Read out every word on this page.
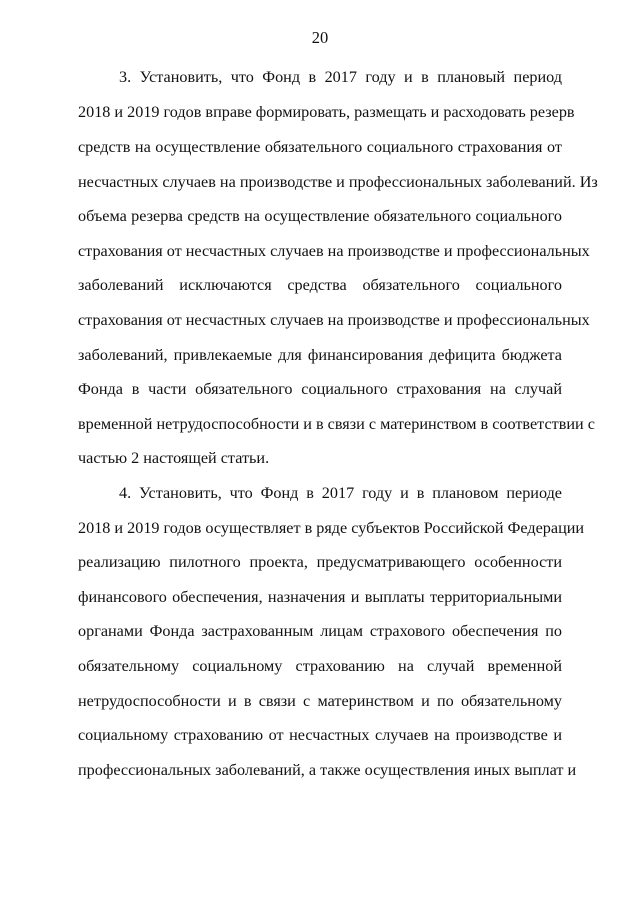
20
3. Установить, что Фонд в 2017 году и в плановый период
2018 и 2019 годов вправе формировать, размещать и расходовать резерв
средств на осуществление обязательного социального страхования от
несчастных случаев на производстве и профессиональных заболеваний. Из
объема резерва средств на осуществление обязательного социального
страхования от несчастных случаев на производстве и профессиональных
заболеваний исключаются средства обязательного социального
страхования от несчастных случаев на производстве и профессиональных
заболеваний, привлекаемые для финансирования дефицита бюджета
Фонда в части обязательного социального страхования на случай
временной нетрудоспособности и в связи с материнством в соответствии с
частью 2 настоящей статьи.
4. Установить, что Фонд в 2017 году и в плановом периоде
2018 и 2019 годов осуществляет в ряде субъектов Российской Федерации
реализацию пилотного проекта, предусматривающего особенности
финансового обеспечения, назначения и выплаты территориальными
органами Фонда застрахованным лицам страхового обеспечения по
обязательному социальному страхованию на случай временной
нетрудоспособности и в связи с материнством и по обязательному
социальному страхованию от несчастных случаев на производстве и
профессиональных заболеваний, а также осуществления иных выплат и
